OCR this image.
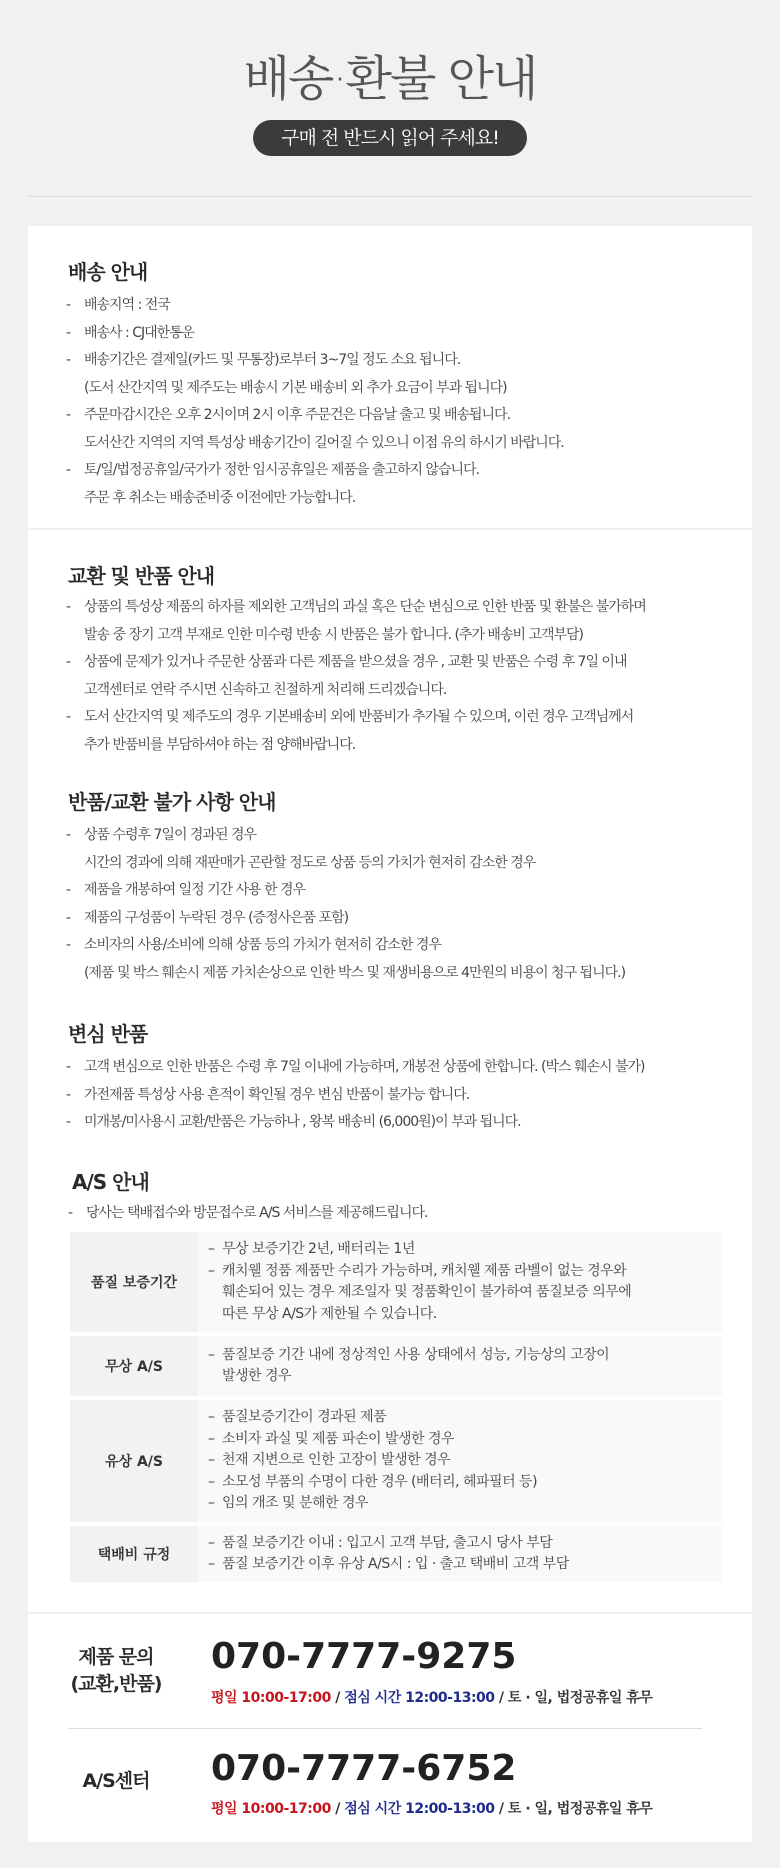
배송·환불 안내
구매 전 반드시 읽어 주세요!
배송 안내
- 배송지역 : 전국
- 배송사 : CJ대한통운
- 배송기간은 결제일(카드 및 무통장)로부터 3~7일 정도 소요 됩니다.
(도서 산간지역 및 제주도는 배송시 기본 배송비 외 추가 요금이 부과 됩니다)
- 주문마감시간은 오후 2시이며 2시 이후 주문건은 다음날 출고 및 배송됩니다.
도서산간 지역의 지역 특성상 배송기간이 길어질 수 있으니 이점 유의 하시기 바랍니다.
- 토/일/법정공휴일/국가가 정한 임시공휴일은 제품을 출고하지 않습니다.
주문 후 취소는 배송준비중 이전에만 가능합니다.
교환 및 반품 안내
- 상품의 특성상 제품의 하자를 제외한 고객님의 과실 혹은 단순 변심으로 인한 반품 및 환불은 불가하며
발송 중 장기 고객 부재로 인한 미수령 반송 시 반품은 불가 합니다. (추가 배송비 고객부담)
- 상품에 문제가 있거나 주문한 상품과 다른 제품을 받으셨을 경우 , 교환 및 반품은 수령 후 7일 이내
고객센터로 연락 주시면 신속하고 친절하게 처리해 드리겠습니다.
- 도서 산간지역 및 제주도의 경우 기본배송비 외에 반품비가 추가될 수 있으며, 이런 경우 고객님께서
추가 반품비를 부담하셔야 하는 점 양해바랍니다.
반품/교환 불가 사항 안내
- 상품 수령후 7일이 경과된 경우
시간의 경과에 의해 재판매가 곤란할 정도로 상품 등의 가치가 현저히 감소한 경우
- 제품을 개봉하여 일정 기간 사용 한 경우
- 제품의 구성품이 누락된 경우 (증정사은품 포함)
- 소비자의 사용/소비에 의해 상품 등의 가치가 현저히 감소한 경우
(제품 및 박스 훼손시 제품 가치손상으로 인한 박스 및 재생비용으로 4만원의 비용이 청구 됩니다.)
변심 반품
- 고객 변심으로 인한 반품은 수령 후 7일 이내에 가능하며, 개봉전 상품에 한합니다. (박스 훼손시 불가)
- 가전제품 특성상 사용 흔적이 확인될 경우 변심 반품이 불가능 합니다.
- 미개봉/미사용시 교환/반품은 가능하나 , 왕복 배송비 (6,000원)이 부과 됩니다.
A/S 안내
- 당사는 택배접수와 방문접수로 A/S 서비스를 제공해드립니다.
품질 보증기간	– 무상 보증기간 2년, 배터리는 1년
– 캐치웰 정품 제품만 수리가 가능하며, 캐치웰 제품 라벨이 없는 경우와
훼손되어 있는 경우 제조일자 및 정품확인이 불가하여 품질보증 의무에
따른 무상 A/S가 제한될 수 있습니다.

무상 A/S	– 품질보증 기간 내에 정상적인 사용 상태에서 성능, 기능상의 고장이
발생한 경우

유상 A/S	– 품질보증기간이 경과된 제품
– 소비자 과실 및 제품 파손이 발생한 경우
– 천재 지변으로 인한 고장이 발생한 경우
– 소모성 부품의 수명이 다한 경우 (배터리, 헤파필터 등)
– 임의 개조 및 분해한 경우

택배비 규정	– 품질 보증기간 이내 : 입고시 고객 부담, 출고시 당사 부담
– 품질 보증기간 이후 유상 A/S시 : 입 · 출고 택배비 고객 부담
제품 문의
(교환,반품)
070-7777-9275
평일 10:00-17:00 / 점심 시간 12:00-13:00 / 토 · 일, 법정공휴일 휴무
A/S센터	070-7777-6752
평일 10:00-17:00 / 점심 시간 12:00-13:00 / 토 · 일, 법정공휴일 휴무
